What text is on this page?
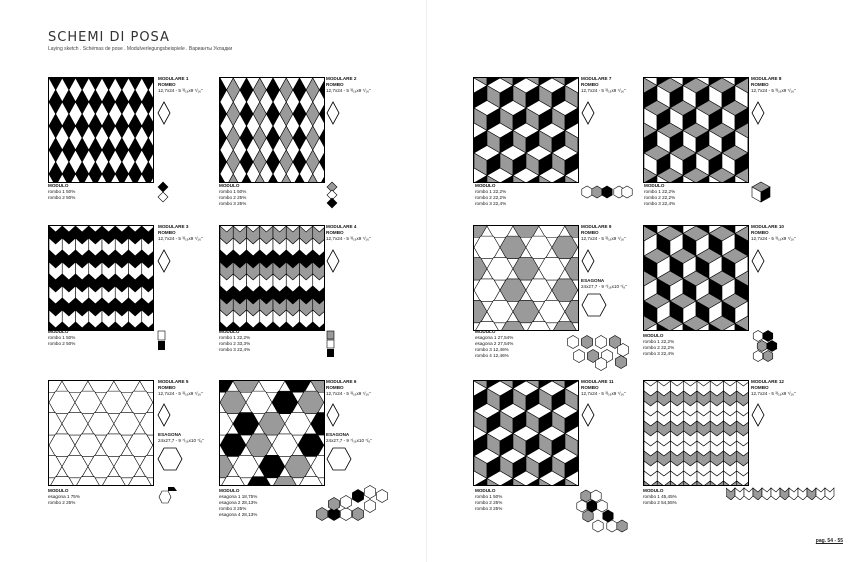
SCHEMI DI POSA
Laying sketch . Schémas de pose . Modulverlegungsbeispiele . Варианты Укладки
MODULARE 1
ROMBO
12,7x24 - 5 ³/₁₆x9 ⁷/₁₆"
MODULO
rombo 1 50%
rombo 2 50%
MODULARE 2
ROMBO
12,7x24 - 5 ³/₁₆x9 ⁷/₁₆"
MODULO
rombo 1 50%
rombo 2 25%
rombo 3 25%
MODULARE 3
ROMBO
12,7x24 - 5 ³/₁₆x9 ⁷/₁₆"
MODULO
rombo 1 50%
rombo 2 50%
MODULARE 4
ROMBO
12,7x24 - 5 ³/₁₆x9 ⁷/₁₆"
MODULO
rombo 1 22,2%
rombo 2 33,3%
rombo 3 22,4%
MODULARE 5
ROMBO
12,7x24 - 5 ³/₁₆x9 ⁷/₁₆"
ESAGONA
24x27,7 - 9 ⁷/₁₆x10 ⁷/₈"
MODULO
esagona 1 75%
rombo 2 25%
MODULARE 6
ROMBO
12,7x24 - 5 ³/₁₆x9 ⁷/₁₆"
ESAGONA
24x27,7 - 9 ⁷/₁₆x10 ⁷/₈"
MODULO
esagona 1 18,75%
esagona 2 28,13%
rombo 3 25%
esagona 4 28,13%
MODULARE 7
ROMBO
12,7x24 - 5 ³/₁₆x9 ⁷/₁₆"
MODULO
rombo 1 22,2%
rombo 2 22,2%
rombo 3 22,4%
MODULARE 8
ROMBO
12,7x24 - 5 ³/₁₆x9 ⁷/₁₆"
MODULO
rombo 1 22,2%
rombo 2 22,2%
rombo 3 22,4%
MODULARE 9
ROMBO
12,7x24 - 5 ³/₁₆x9 ⁷/₁₆"
ESAGONA
24x27,7 - 9 ⁷/₁₆x10 ⁷/₈"
MODULO
esagona 1 27,54%
esagona 2 27,54%
rombo 3 12,46%
rombo 4 12,46%
MODULARE 10
ROMBO
12,7x24 - 5 ³/₁₆x9 ⁷/₁₆"
MODULO
rombo 1 22,2%
rombo 2 22,2%
rombo 3 22,4%
MODULARE 11
ROMBO
12,7x24 - 5 ³/₁₆x9 ⁷/₁₆"
MODULO
rombo 1 50%
rombo 2 25%
rombo 3 25%
MODULARE 12
ROMBO
12,7x24 - 5 ³/₁₆x9 ⁷/₁₆"
MODULO
rombo 1 45,45%
rombo 2 54,55%
pag. 54 - 55
